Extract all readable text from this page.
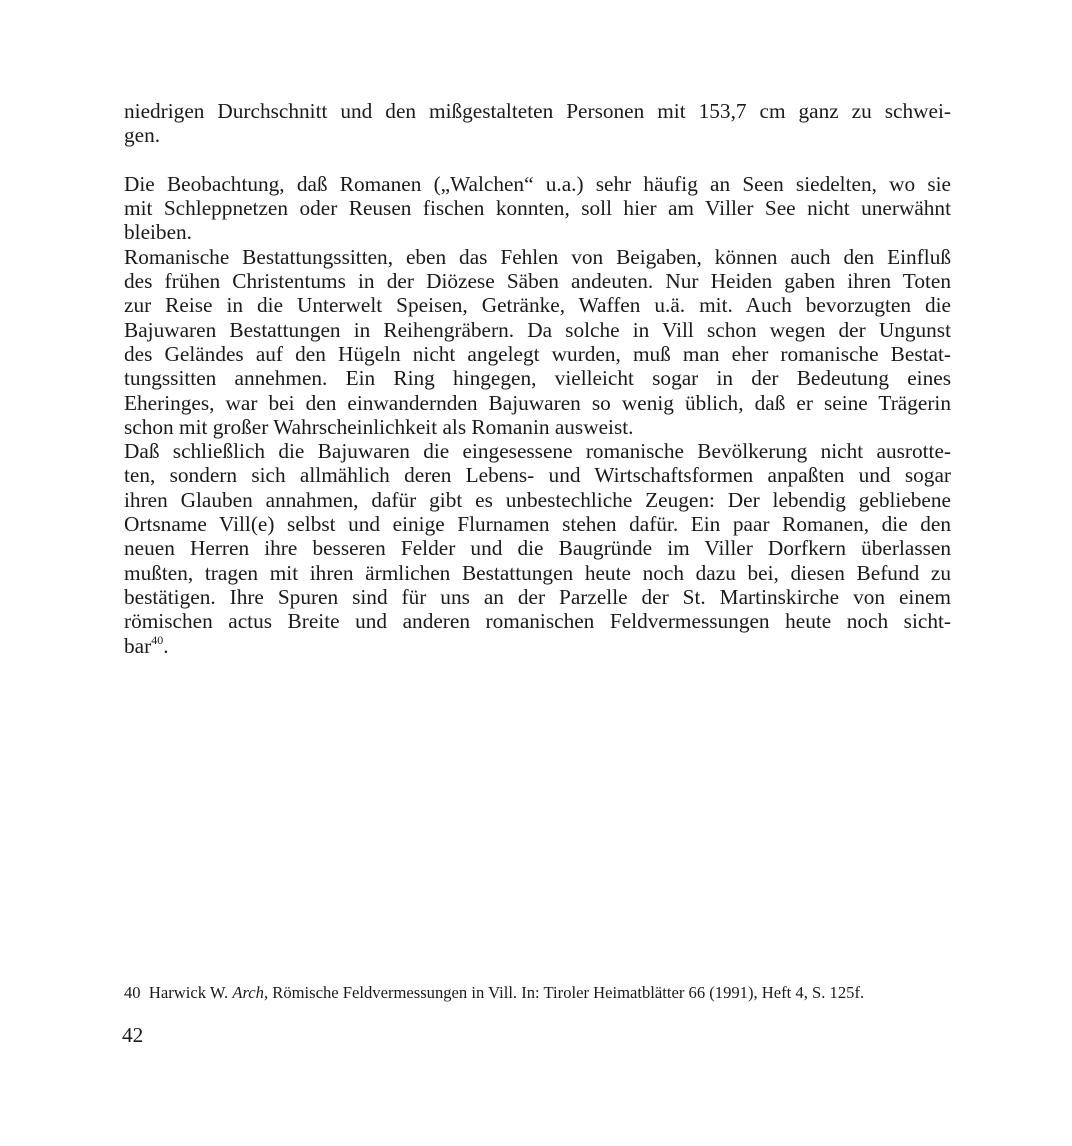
niedrigen Durchschnitt und den mißgestalteten Personen mit 153,7 cm ganz zu schwei-
gen.
Die Beobachtung, daß Romanen („Walchen“ u.a.) sehr häufig an Seen siedelten, wo sie
mit Schleppnetzen oder Reusen fischen konnten, soll hier am Viller See nicht unerwähnt
bleiben.
Romanische Bestattungssitten, eben das Fehlen von Beigaben, können auch den Einfluß
des frühen Christentums in der Diözese Säben andeuten. Nur Heiden gaben ihren Toten
zur Reise in die Unterwelt Speisen, Getränke, Waffen u.ä. mit. Auch bevorzugten die
Bajuwaren Bestattungen in Reihengräbern. Da solche in Vill schon wegen der Ungunst
des Geländes auf den Hügeln nicht angelegt wurden, muß man eher romanische Bestat-
tungssitten annehmen. Ein Ring hingegen, vielleicht sogar in der Bedeutung eines
Eheringes, war bei den einwandernden Bajuwaren so wenig üblich, daß er seine Trägerin
schon mit großer Wahrscheinlichkeit als Romanin ausweist.
Daß schließlich die Bajuwaren die eingesessene romanische Bevölkerung nicht ausrotte-
ten, sondern sich allmählich deren Lebens- und Wirtschaftsformen anpaßten und sogar
ihren Glauben annahmen, dafür gibt es unbestechliche Zeugen: Der lebendig gebliebene
Ortsname Vill(e) selbst und einige Flurnamen stehen dafür. Ein paar Romanen, die den
neuen Herren ihre besseren Felder und die Baugründe im Viller Dorfkern überlassen
mußten, tragen mit ihren ärmlichen Bestattungen heute noch dazu bei, diesen Befund zu
bestätigen. Ihre Spuren sind für uns an der Parzelle der St. Martinskirche von einem
römischen actus Breite und anderen romanischen Feldvermessungen heute noch sicht-
bar$^{40}$.
40 Harwick W. Arch, Römische Feldvermessungen in Vill. In: Tiroler Heimatblätter 66 (1991), Heft 4, S. 125f.
42
